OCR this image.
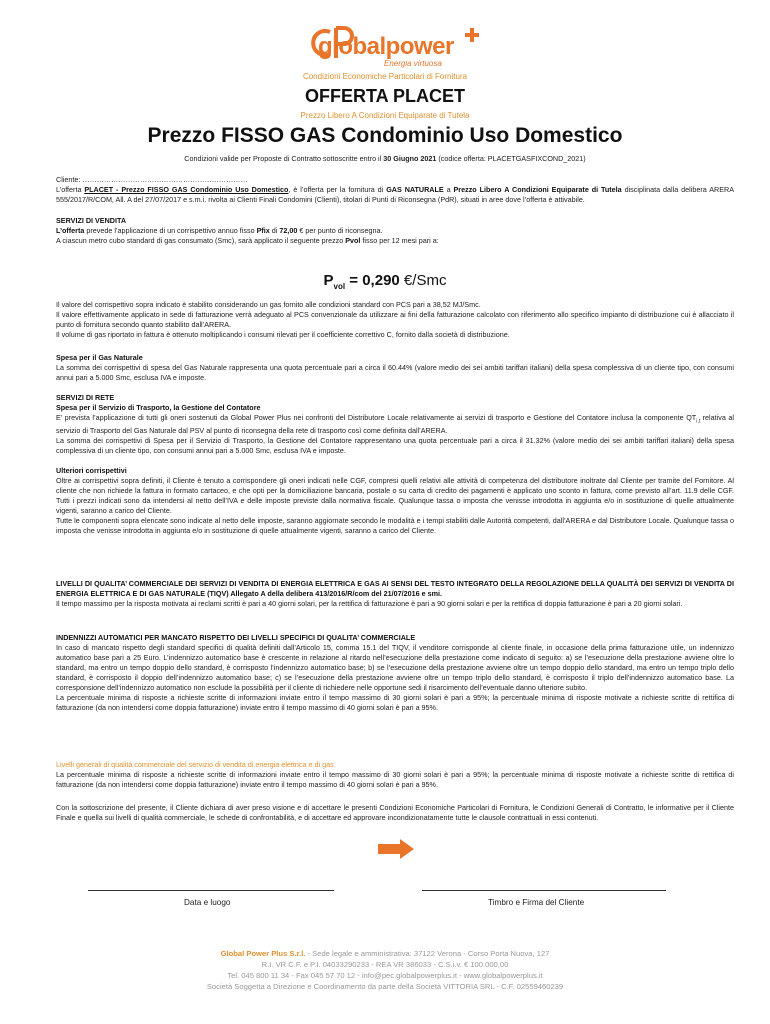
globalpower
Energia virtuosa
Condizioni Economiche Particolari di Fornitura
OFFERTA PLACET
Prezzo Libero A Condizioni Equiparate di Tutela
Prezzo FISSO GAS Condominio Uso Domestico
Condizioni valide per Proposte di Contratto sottoscritte entro il 30 Giugno 2021 (codice offerta: PLACETGASFIXCOND_2021)
Cliente: ……………………………………………………………
L’offerta PLACET - Prezzo FISSO GAS Condominio Uso Domestico, è l’offerta per la fornitura di GAS NATURALE a Prezzo Libero A Condizioni Equiparate di Tutela disciplinata dalla delibera ARERA 555/2017/R/COM, All. A del 27/07/2017 e s.m.i. rivolta ai Clienti Finali Condomini (Clienti), titolari di Punti di Riconsegna (PdR), situati in aree dove l’offerta è attivabile.
SERVIZI DI VENDITA
L’offerta prevede l’applicazione di un corrispettivo annuo fisso Pfix di 72,00 € per punto di riconsegna.
A ciascun metro cubo standard di gas consumato (Smc), sarà applicato il seguente prezzo Pvol fisso per 12 mesi pari a:
$P_{vol} = 0,290$ €/Smc
Il valore del corrispettivo sopra indicato è stabilito considerando un gas fornito alle condizioni standard con PCS pari a 38,52 MJ/Smc.
Il valore effettivamente applicato in sede di fatturazione verrà adeguato al PCS convenzionale da utilizzare ai fini della fatturazione calcolato con riferimento allo specifico impianto di distribuzione cui è allacciato il punto di fornitura secondo quanto stabilito dall’ARERA.
Il volume di gas riportato in fattura è ottenuto moltiplicando i consumi rilevati per il coefficiente correttivo C, fornito dalla società di distribuzione.
Spesa per il Gas Naturale
La somma dei corrispettivi di spesa del Gas Naturale rappresenta una quota percentuale pari a circa il 60.44% (valore medio dei sei ambiti tariffari italiani) della spesa complessiva di un cliente tipo, con consumi annui pari a 5.000 Smc, esclusa IVA e imposte.
SERVIZI DI RETE
Spesa per il Servizio di Trasporto, la Gestione del Contatore
E’ prevista l’applicazione di tutti gli oneri sostenuti da Global Power Plus nei confronti del Distributore Locale relativamente ai servizi di trasporto e Gestione del Contatore inclusa la componente $QT_{i,t}$ relativa al servizio di Trasporto del Gas Naturale dal PSV al punto di riconsegna della rete di trasporto così come definita dall’ARERA.
La somma dei corrispettivi di Spesa per il Servizio di Trasporto, la Gestione del Contatore rappresentano una quota percentuale pari a circa il 31.32% (valore medio dei sei ambiti tariffari italiani) della spesa complessiva di un cliente tipo, con consumi annui pari a 5.000 Smc, esclusa IVA e imposte.
Ulteriori corrispettivi
Oltre ai corrispettivi sopra definiti, il Cliente è tenuto a corrispondere gli oneri indicati nelle CGF, compresi quelli relativi alle attività di competenza del distributore inoltrate dal Cliente per tramite del Fornitore. Al cliente che non richiede la fattura in formato cartaceo, e che opti per la domiciliazione bancaria, postale o su carta di credito dei pagamenti è applicato uno sconto in fattura, come previsto all’art. 11.9 delle CGF. Tutti i prezzi indicati sono da intendersi al netto dell’IVA e delle imposte previste dalla normativa fiscale. Qualunque tassa o imposta che venisse introdotta in aggiunta e/o in sostituzione di quelle attualmente vigenti, saranno a carico del Cliente.
Tutte le componenti sopra elencate sono indicate al netto delle imposte, saranno aggiornate secondo le modalità e i tempi stabiliti dalle Autorità competenti, dall’ARERA e dal Distributore Locale. Qualunque tassa o imposta che venisse introdotta in aggiunta e/o in sostituzione di quelle attualmente vigenti, saranno a carico del Cliente.
LIVELLI DI QUALITA’ COMMERCIALE DEI SERVIZI DI VENDITA DI ENERGIA ELETTRICA E GAS AI SENSI DEL TESTO INTEGRATO DELLA REGOLAZIONE DELLA QUALITÀ DEI SERVIZI DI VENDITA DI ENERGIA ELETTRICA E DI GAS NATURALE (TIQV) Allegato A della delibera 413/2016/R/com del 21/07/2016 e smi.
Il tempo massimo per la risposta motivata ai reclami scritti è pari a 40 giorni solari, per la rettifica di fatturazione è pari a 90 giorni solari e per la rettifica di doppia fatturazione è pari a 20 giorni solari.
INDENNIZZI AUTOMATICI PER MANCATO RISPETTO DEI LIVELLI SPECIFICI DI QUALITA’ COMMERCIALE
In caso di mancato rispetto degli standard specifici di qualità definiti dall’Articolo 15, comma 15.1 del TIQV, il venditore corrisponde al cliente finale, in occasione della prima fatturazione utile, un indennizzo automatico base pari a 25 Euro. L’indennizzo automatico base è crescente in relazione al ritardo nell’esecuzione della prestazione come indicato di seguito: a) se l’esecuzione della prestazione avviene oltre lo standard, ma entro un tempo doppio dello standard, è corrisposto l’indennizzo automatico base; b) se l’esecuzione della prestazione avviene oltre un tempo doppio dello standard, ma entro un tempo triplo dello standard, è corrisposto il doppio dell’indennizzo automatico base; c) se l’esecuzione della prestazione avviene oltre un tempo triplo dello standard, è corrisposto il triplo dell’indennizzo automatico base. La corresponsione dell’indennizzo automatico non esclude la possibilità per il cliente di richiedere nelle opportune sedi il risarcimento dell’eventuale danno ulteriore subito.
La percentuale minima di risposte a richieste scritte di informazioni inviate entro il tempo massimo di 30 giorni solari è pari a 95%; la percentuale minima di risposte motivate a richieste scritte di rettifica di fatturazione (da non intendersi come doppia fatturazione) inviate entro il tempo massimo di 40 giorni solari è pari a 95%.
Livelli generali di qualità commerciale del servizio di vendita di energia elettrica e di gas
La percentuale minima di risposte a richieste scritte di informazioni inviate entro il tempo massimo di 30 giorni solari è pari a 95%; la percentuale minima di risposte motivate a richieste scritte di rettifica di fatturazione (da non intendersi come doppia fatturazione) inviate entro il tempo massimo di 40 giorni solari è pari a 95%.
Con la sottoscrizione del presente, il Cliente dichiara di aver preso visione e di accettare le presenti Condizioni Economiche Particolari di Fornitura, le Condizioni Generali di Contratto, le informative per il Cliente Finale e quella sui livelli di qualità commerciale, le schede di confrontabilità, e di accettare ed approvare incondizionatamente tutte le clausole contrattuali in essi contenuti.
Data e luogo	Timbro e Firma del Cliente
Global Power Plus S.r.l. - Sede legale e amministrativa: 37122 Verona - Corso Porta Nuova, 127
R.I. VR C.F. e P.I. 04033290233 - REA VR 386033 - C.S.i.v. € 100.000,00
Tel. 045 800 11 34 - Fax 045 57 70 12 - info@pec.globalpowerplus.it - www.globalpowerplus.it
Società Soggetta a Direzione e Coordinamento da parte della Società VITTORIA SRL - C.F. 02559460239
